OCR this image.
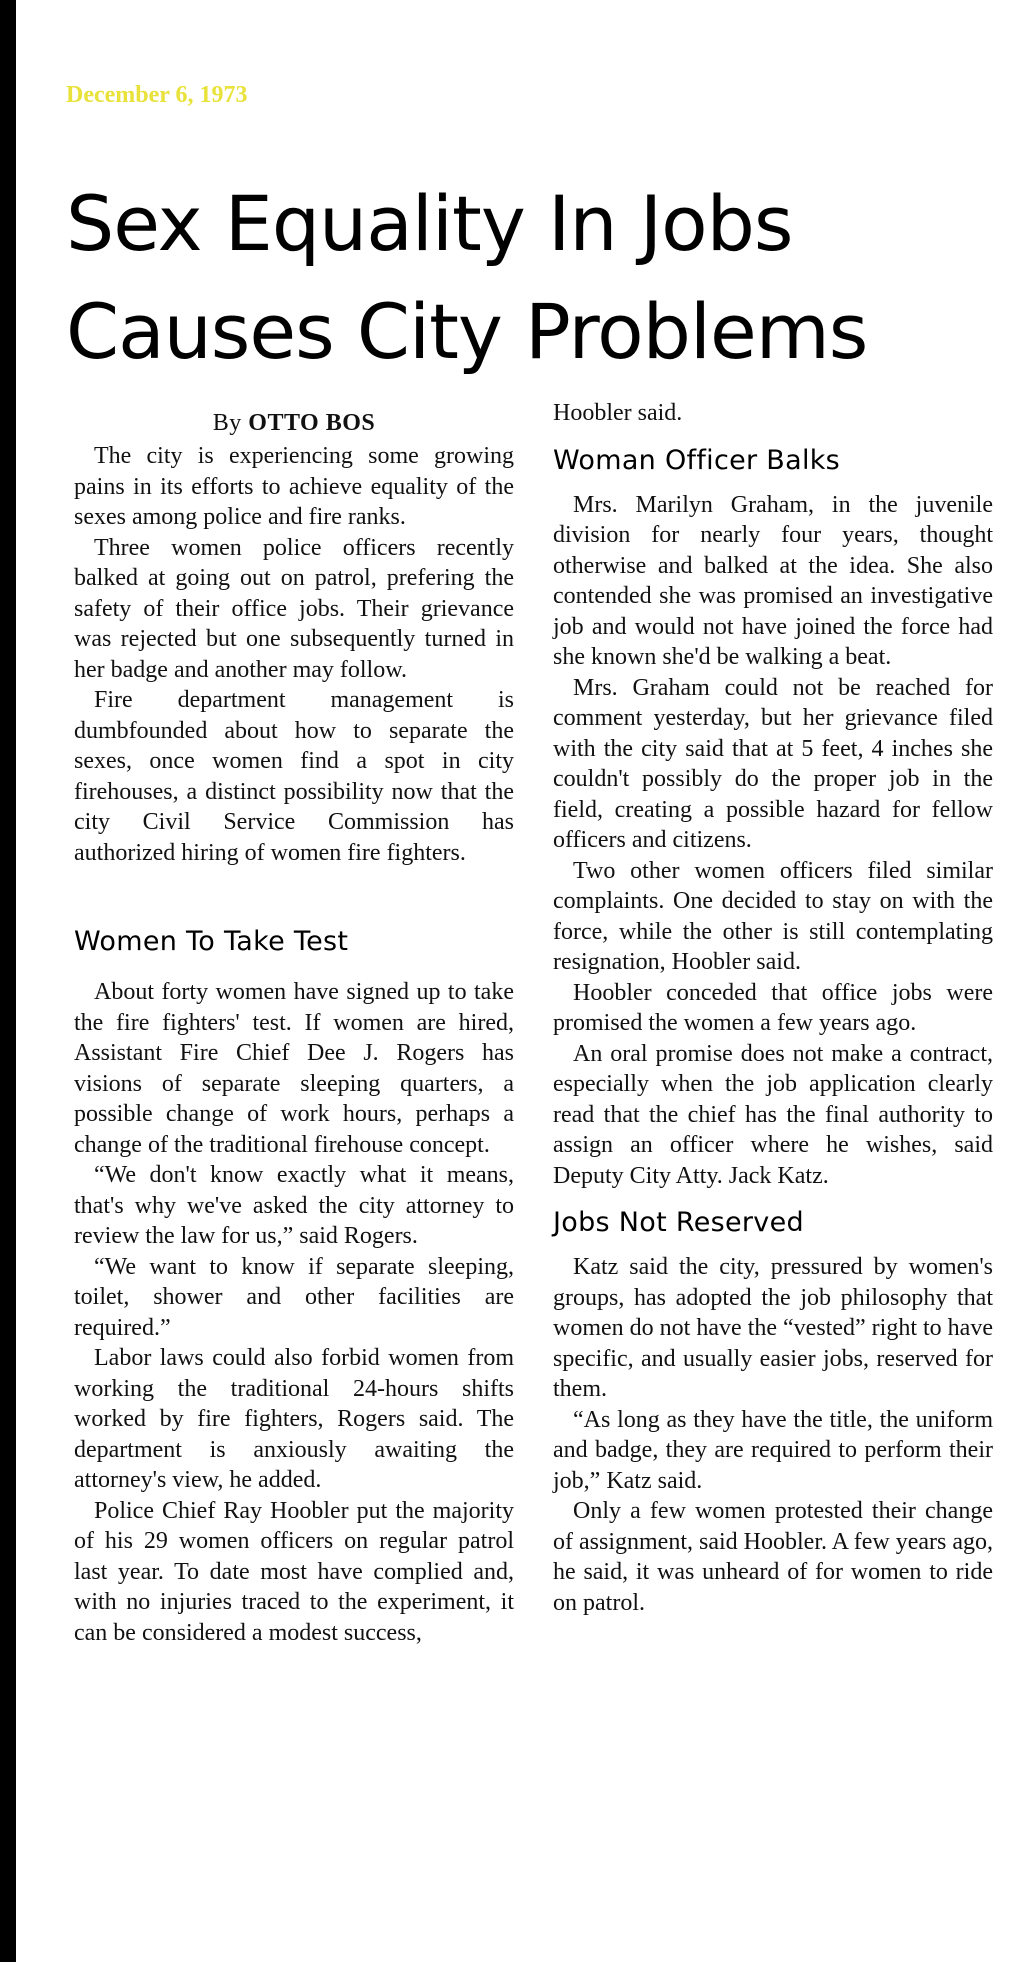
December 6, 1973
Sex Equality In Jobs
Causes City Problems
By OTTO BOS

The city is experiencing some growing pains in its efforts to achieve equality of the sexes among police and fire ranks.

Three women police officers recently balked at going out on patrol, prefering the safety of their office jobs. Their grievance was rejected but one subsequently turned in her badge and another may follow.

Fire department management is dumbfounded about how to separate the sexes, once women find a spot in city firehouses, a distinct possibility now that the city Civil Service Commission has authorized hiring of women fire fighters.

Women To Take Test

About forty women have signed up to take the fire fighters' test. If women are hired, Assistant Fire Chief Dee J. Rogers has visions of separate sleeping quarters, a possible change of work hours, perhaps a change of the traditional firehouse concept.

“We don't know exactly what it means, that's why we've asked the city attorney to review the law for us,” said Rogers.

“We want to know if separate sleeping, toilet, shower and other facilities are required.”

Labor laws could also forbid women from working the traditional 24-hours shifts worked by fire fighters, Rogers said. The department is anxiously awaiting the attorney's view, he added.

Police Chief Ray Hoobler put the majority of his 29 women officers on regular patrol last year. To date most have complied and, with no injuries traced to the experiment, it can be considered a modest success,

Hoobler said.

Woman Officer Balks

Mrs. Marilyn Graham, in the juvenile division for nearly four years, thought otherwise and balked at the idea. She also contended she was promised an investigative job and would not have joined the force had she known she'd be walking a beat.

Mrs. Graham could not be reached for comment yesterday, but her grievance filed with the city said that at 5 feet, 4 inches she couldn't possibly do the proper job in the field, creating a possible hazard for fellow officers and citizens.

Two other women officers filed similar complaints. One decided to stay on with the force, while the other is still contemplating resignation, Hoobler said.

Hoobler conceded that office jobs were promised the women a few years ago.

An oral promise does not make a contract, especially when the job application clearly read that the chief has the final authority to assign an officer where he wishes, said Deputy City Atty. Jack Katz.

Jobs Not Reserved

Katz said the city, pressured by women's groups, has adopted the job philosophy that women do not have the “vested” right to have specific, and usually easier jobs, reserved for them.

“As long as they have the title, the uniform and badge, they are required to perform their job,” Katz said.

Only a few women protested their change of assignment, said Hoobler. A few years ago, he said, it was unheard of for women to ride on patrol.
